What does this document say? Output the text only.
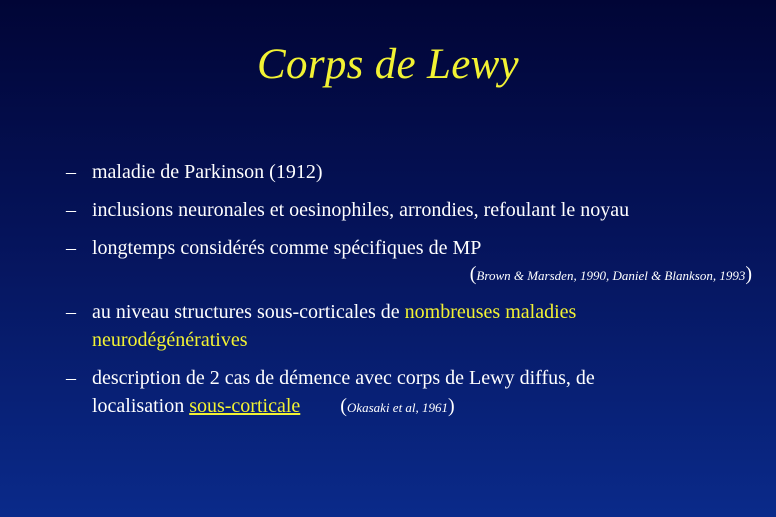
Corps de Lewy
– maladie de Parkinson (1912)
– inclusions neuronales et oesinophiles, arrondies, refoulant le noyau
– longtemps considérés comme spécifiques de MP
(Brown & Marsden, 1990, Daniel & Blankson, 1993)
– au niveau structures sous-corticales de nombreuses maladies
neurodégénératives
– description de 2 cas de démence avec corps de Lewy diffus, de
localisation sous-corticale (Okasaki et al, 1961)
